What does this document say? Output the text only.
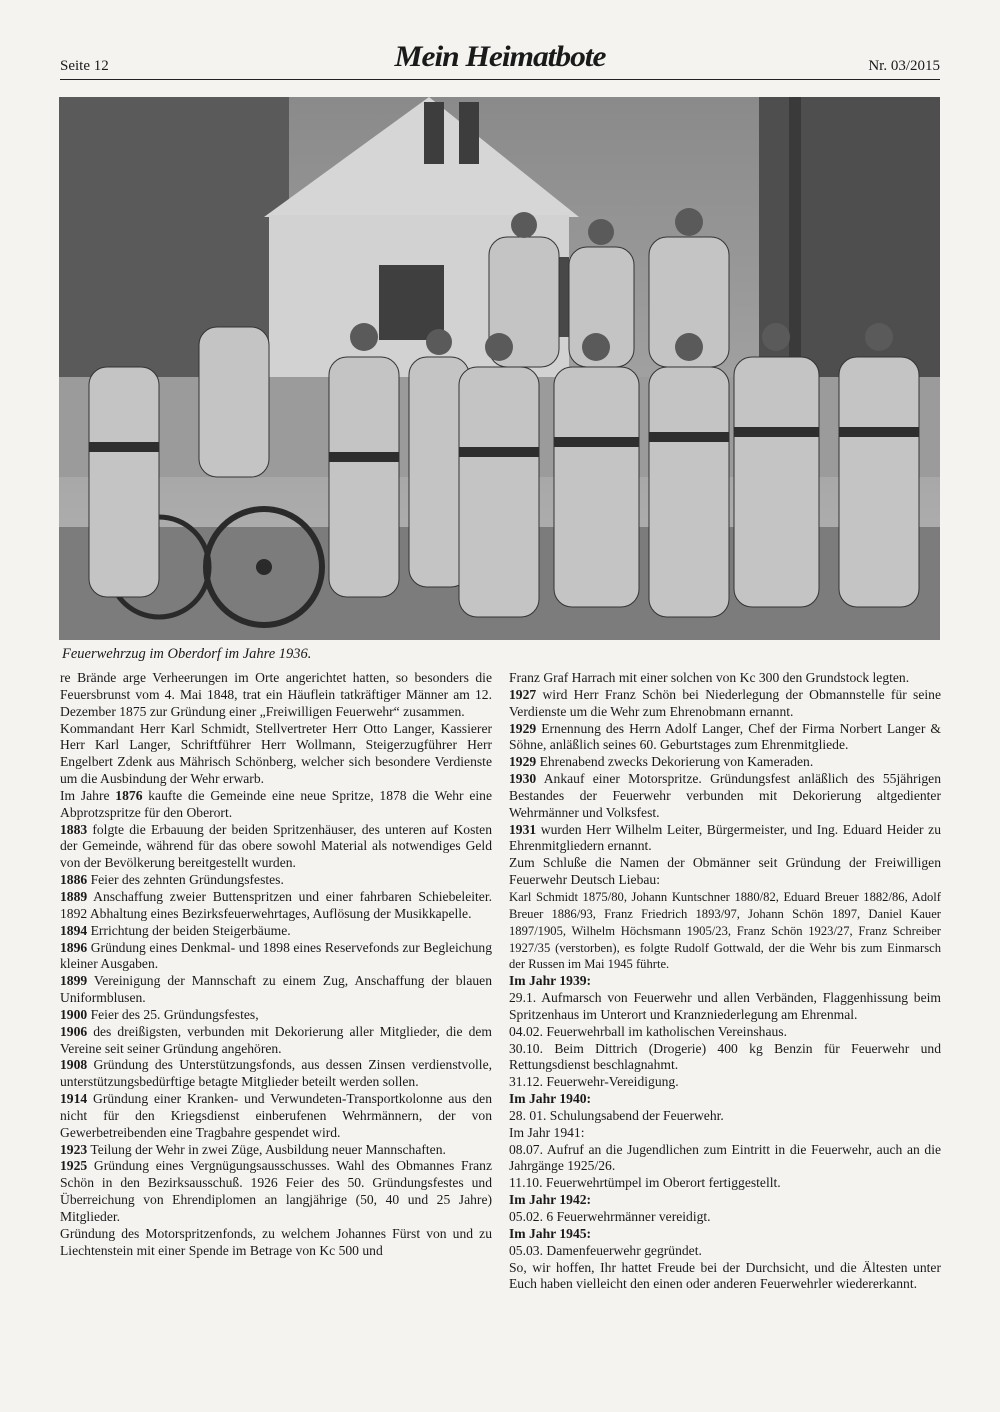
Seite 12	Mein Heimatbote	Nr. 03/2015
Feuerwehrzug im Oberdorf im Jahre 1936.

re Brände arge Verheerungen im Orte angerichtet hatten, so besonders die Feuersbrunst vom 4. Mai 1848, trat ein Häuflein tatkräftiger Männer am 12. Dezember 1875 zur Gründung einer „Freiwilligen Feuerwehr“ zusammen.

Kommandant Herr Karl Schmidt, Stellvertreter Herr Otto Langer, Kassierer Herr Karl Langer, Schriftführer Herr Wollmann, Steigerzugführer Herr Engelbert Zdenk aus Mährisch Schönberg, welcher sich besondere Verdienste um die Ausbindung der Wehr erwarb.

Im Jahre 1876 kaufte die Gemeinde eine neue Spritze, 1878 die Wehr eine Abprotzspritze für den Oberort.

1883 folgte die Erbauung der beiden Spritzenhäuser, des unteren auf Kosten der Gemeinde, während für das obere sowohl Material als notwendiges Geld von der Bevölkerung bereitgestellt wurden.

1886 Feier des zehnten Gründungsfestes.

1889 Anschaffung zweier Buttenspritzen und einer fahrbaren Schiebeleiter. 1892 Abhaltung eines Bezirksfeuerwehrtages, Auflösung der Musikkapelle.

1894 Errichtung der beiden Steigerbäume.

1896 Gründung eines Denkmal- und 1898 eines Reservefonds zur Begleichung kleiner Ausgaben.

1899 Vereinigung der Mannschaft zu einem Zug, Anschaffung der blauen Uniformblusen.

1900 Feier des 25. Gründungsfestes,

1906 des dreißigsten, verbunden mit Dekorierung aller Mitglieder, die dem Vereine seit seiner Gründung angehören.

1908 Gründung des Unterstützungsfonds, aus dessen Zinsen verdienstvolle, unterstützungsbedürftige betagte Mitglieder beteilt werden sollen.

1914 Gründung einer Kranken- und Verwundeten-Transportkolonne aus den nicht für den Kriegsdienst einberufenen Wehrmännern, der von Gewerbetreibenden eine Tragbahre gespendet wird.

1923 Teilung der Wehr in zwei Züge, Ausbildung neuer Mannschaften.

1925 Gründung eines Vergnügungsausschusses. Wahl des Obmannes Franz Schön in den Bezirksausschuß. 1926 Feier des 50. Gründungsfestes und Überreichung von Ehrendiplomen an langjährige (50, 40 und 25 Jahre) Mitglieder.

Gründung des Motorspritzenfonds, zu welchem Johannes Fürst von und zu Liechtenstein mit einer Spende im Betrage von Kc 500 und

Franz Graf Harrach mit einer solchen von Kc 300 den Grundstock legten.

1927 wird Herr Franz Schön bei Niederlegung der Obmannstelle für seine Verdienste um die Wehr zum Ehrenobmann ernannt.

1929 Ernennung des Herrn Adolf Langer, Chef der Firma Norbert Langer & Söhne, anläßlich seines 60. Geburtstages zum Ehrenmitgliede.

1929 Ehrenabend zwecks Dekorierung von Kameraden.

1930 Ankauf einer Motorspritze. Gründungsfest anläßlich des 55jährigen Bestandes der Feuerwehr verbunden mit Dekorierung altgedienter Wehrmänner und Volksfest.

1931 wurden Herr Wilhelm Leiter, Bürgermeister, und Ing. Eduard Heider zu Ehrenmitgliedern ernannt.

Zum Schluße die Namen der Obmänner seit Gründung der Freiwilligen Feuerwehr Deutsch Liebau:

Karl Schmidt 1875/80, Johann Kuntschner 1880/82, Eduard Breuer 1882/86, Adolf Breuer 1886/93, Franz Friedrich 1893/97, Johann Schön 1897, Daniel Kauer 1897/1905, Wilhelm Höchsmann 1905/23, Franz Schön 1923/27, Franz Schreiber 1927/35 (verstorben), es folgte Rudolf Gottwald, der die Wehr bis zum Einmarsch der Russen im Mai 1945 führte.

Im Jahr 1939:

29.1. Aufmarsch von Feuerwehr und allen Verbänden, Flaggenhissung beim Spritzenhaus im Unterort und Kranzniederlegung am Ehrenmal.

04.02. Feuerwehrball im katholischen Vereinshaus.

30.10. Beim Dittrich (Drogerie) 400 kg Benzin für Feuerwehr und Rettungsdienst beschlagnahmt.

31.12. Feuerwehr-Vereidigung.

Im Jahr 1940:

28. 01. Schulungsabend der Feuerwehr.

Im Jahr 1941:

08.07. Aufruf an die Jugendlichen zum Eintritt in die Feuerwehr, auch an die Jahrgänge 1925/26.

11.10. Feuerwehrtümpel im Oberort fertiggestellt.

Im Jahr 1942:

05.02. 6 Feuerwehrmänner vereidigt.

Im Jahr 1945:

05.03. Damenfeuerwehr gegründet.

So, wir hoffen, Ihr hattet Freude bei der Durchsicht, und die Ältesten unter Euch haben vielleicht den einen oder anderen Feuerwehrler wiedererkannt.
